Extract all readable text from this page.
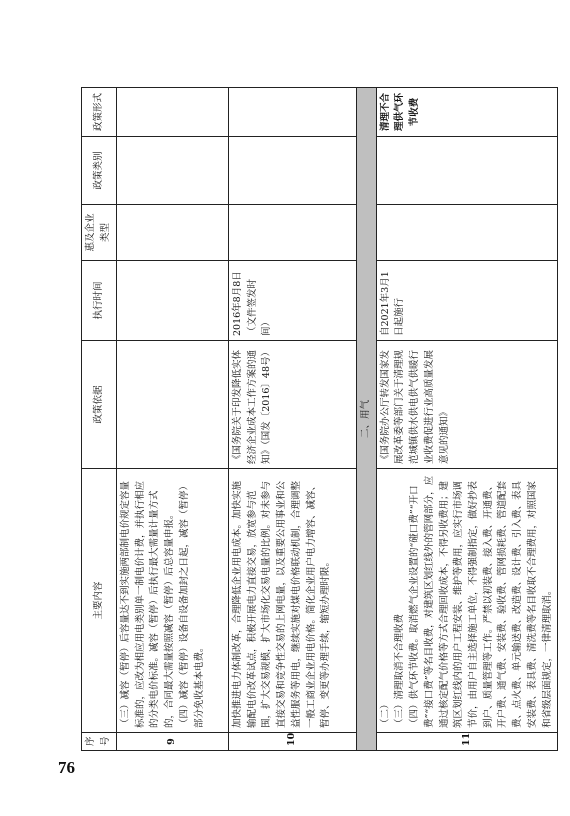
76
序号	主要内容	政策依据	执行时间	惠及企业类型	政策类别	政策形式
9	（三）减容（暂停）后容量达不到实施两部制电价规定容量标准的，应改为相应用电类别单一制电价计费，并执行相应的分类电价标准。减容（暂停）后执行最大需量计量方式的，合同最大需量按照减容（暂停）后总容量申报。 （四）减容（暂停）设备自设备加封之日起，减容（暂停）部分免收基本电费。					

10	加快推进电力体制改革，合理降低企业用电成本。加快实施输配电价改革试点，积极开展电力直接交易，放宽参与范围，扩大交易规模，扩大市场化交易电量的比例。对未参与直接交易和竞争性交易的上网电量，以及重要公用事业和公益性服务等用电，继续实施对煤电价格联动机制，合理调整一般工商业企业用电价格。简化企业用户电力增容、减容、暂停、变更等办理手续，缩短办理时限。	《国务院关于印发降低实体经济企业成本工作方案的通知》（国发〔2016〕48号）	2016年8月8日（文件签发时间）			
二、用气						
11	（二） （三）清理取消不合理收费 （四）供气环节收费。取消燃气企业设置的“碰口费”“开口费”“接口费”等名目收费，对建筑区划红线外的管网部分，应通过核定配气价格等方式合理回收成本，不得另收费用；建筑区划红线内的用户工程安装、维护等费用，应实行市场调节价，由用户自主选择施工单位，不得强制指定，做好抄表到户、质量管理等工作。严禁以初装费、接入费、开通费、开户费、通气费、安装费、验收费、管网损耗费、管道配套费、点火费、单元输送费、改造费、设计费、引入费、表具安装费、表具费、清洗费等名目收取不合理费用，对照国家和省级层面规定，一律清理取消。	《国务院办公厅转发国家发展改革委等部门关于清理规范城镇供水供电供气供暖行业收费促进行业高质量发展意见的通知》	自2021年3月1日起施行			清理不合理供气环节收费
